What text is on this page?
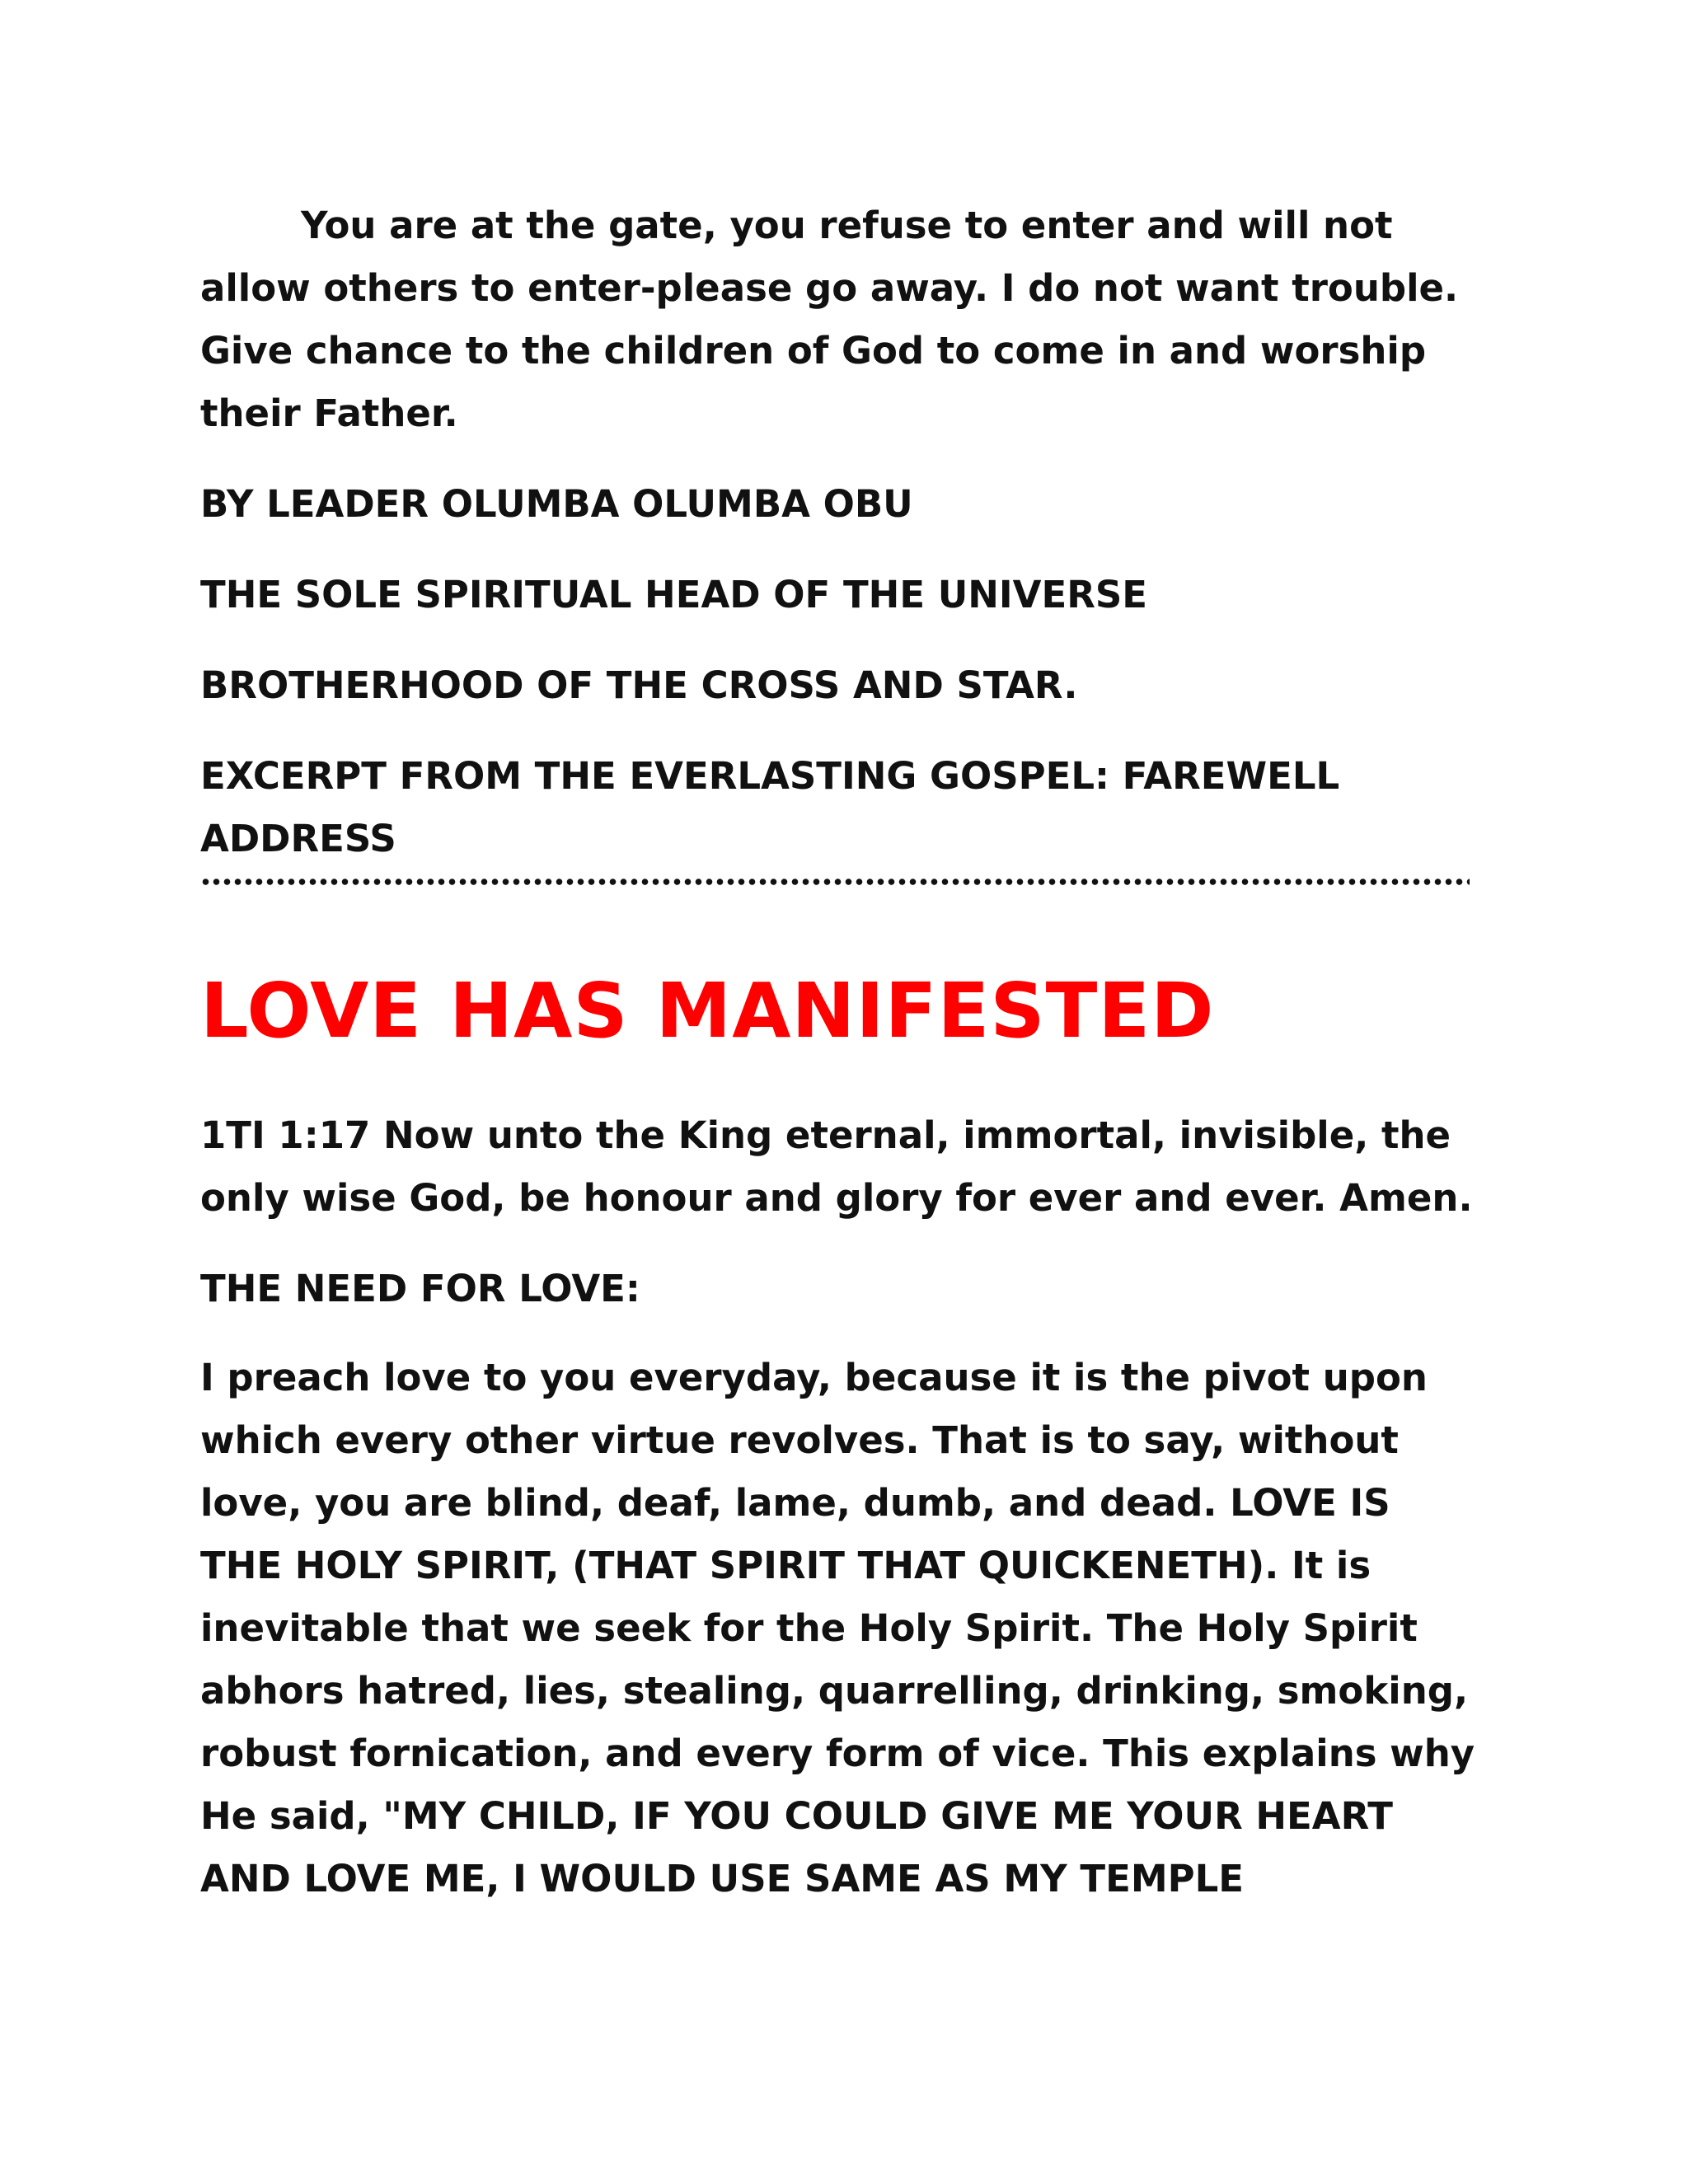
You are at the gate, you refuse to enter and will not
allow others to enter-please go away. I do not want trouble.
Give chance to the children of God to come in and worship
their Father.

BY LEADER OLUMBA OLUMBA OBU

THE SOLE SPIRITUAL HEAD OF THE UNIVERSE

BROTHERHOOD OF THE CROSS AND STAR.

EXCERPT FROM THE EVERLASTING GOSPEL: FAREWELL
ADDRESS

LOVE HAS MANIFESTED

1TI 1:17 Now unto the King eternal, immortal, invisible, the
only wise God, be honour and glory for ever and ever. Amen.

THE NEED FOR LOVE:

I preach love to you everyday, because it is the pivot upon
which every other virtue revolves. That is to say, without
love, you are blind, deaf, lame, dumb, and dead. LOVE IS
THE HOLY SPIRIT, (THAT SPIRIT THAT QUICKENETH). It is
inevitable that we seek for the Holy Spirit. The Holy Spirit
abhors hatred, lies, stealing, quarrelling, drinking, smoking,
robust fornication, and every form of vice. This explains why
He said, "MY CHILD, IF YOU COULD GIVE ME YOUR HEART
AND LOVE ME, I WOULD USE SAME AS MY TEMPLE
